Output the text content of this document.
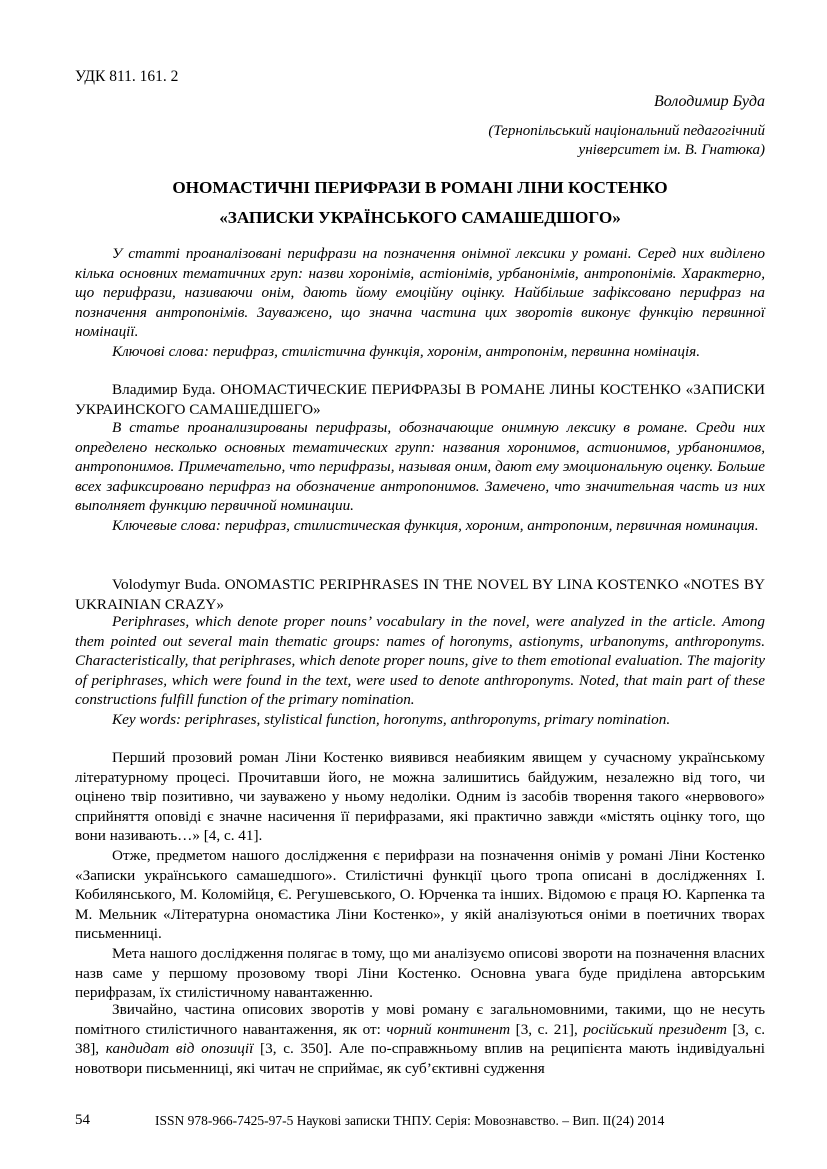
УДК 811. 161. 2

Володимир Буда

(Тернопільський національний педагогічний
університет ім. В. Гнатюка)

ОНОМАСТИЧНІ ПЕРИФРАЗИ В РОМАНІ ЛІНИ КОСТЕНКО

«ЗАПИСКИ УКРАЇНСЬКОГО САМАШЕДШОГО»

У статті проаналізовані перифрази на позначення онімної лексики у романі. Серед них виділено кілька основних тематичних груп: назви хоронімів, астіонімів, урбанонімів, антропонімів. Характерно, що перифрази, називаючи онім, дають йому емоційну оцінку. Найбільше зафіксовано перифраз на позначення антропонімів. Зауважено, що значна частина цих зворотів виконує функцію первинної номінації.

Ключові слова: перифраз, стилістична функція, хоронім, антропонім, первинна номінація.

Владимир Буда. ОНОМАСТИЧЕСКИЕ ПЕРИФРАЗЫ В РОМАНЕ ЛИНЫ КОСТЕНКО «ЗАПИСКИ УКРАИНСКОГО САМАШЕДШЕГО»

В статье проанализированы перифразы, обозначающие онимную лексику в романе. Среди них определено несколько основных тематических групп: названия хоронимов, астионимов, урбанонимов, антропонимов. Примечательно, что перифразы, называя оним, дают ему эмоциональную оценку. Больше всех зафиксировано перифраз на обозначение антропонимов. Замечено, что значительная часть из них выполняет функцию первичной номинации.

Ключевые слова: перифраз, стилистическая функция, хороним, антропоним, первичная номинация.

Volodymyr Buda. ONOMASTIC PERIPHRASES IN THE NOVEL BY LINA KOSTENKO «NOTES BY UKRAINIAN CRAZY»

Periphrases, which denote proper nouns’ vocabulary in the novel, were analyzed in the article. Among them pointed out several main thematic groups: names of horonyms, astionyms, urbanonyms, anthroponyms. Characteristically, that periphrases, which denote proper nouns, give to them emotional evaluation. The majority of periphrases, which were found in the text, were used to denote anthroponyms. Noted, that main part of these constructions fulfill function of the primary nomination.

Key words: periphrases, stylistical function, horonyms, anthroponyms, primary nomination.

Перший прозовий роман Ліни Костенко виявився неабияким явищем у сучасному українському літературному процесі. Прочитавши його, не можна залишитись байдужим, незалежно від того, чи оцінено твір позитивно, чи зауважено у ньому недоліки. Одним із засобів творення такого «нервового» сприйняття оповіді є значне насичення її перифразами, які практично завжди «містять оцінку того, що вони називають…» [4, с. 41].

Отже, предметом нашого дослідження є перифрази на позначення онімів у романі Ліни Костенко «Записки українського самашедшого». Стилістичні функції цього тропа описані в дослідженнях І. Кобилянського, М. Коломійця, Є. Регушевського, О. Юрченка та інших. Відомою є праця Ю. Карпенка та М. Мельник «Літературна ономастика Ліни Костенко», у якій аналізуються оніми в поетичних творах письменниці.

Мета нашого дослідження полягає в тому, що ми аналізуємо описові звороти на позначення власних назв саме у першому прозовому творі Ліни Костенко. Основна увага буде приділена авторським перифразам, їх стилістичному навантаженню.

Звичайно, частина описових зворотів у мові роману є загальномовними, такими, що не несуть помітного стилістичного навантаження, як от: чорний континент [3, с. 21], російський президент [3, с. 38], кандидат від опозиції [3, с. 350]. Але по-справжньому вплив на реципієнта мають індивідуальні новотвори письменниці, які читач не сприймає, як суб’єктивні судження

54	ISSN 978-966-7425-97-5 Наукові записки ТНПУ. Серія: Мовознавство. – Вип. ІІ(24) 2014
